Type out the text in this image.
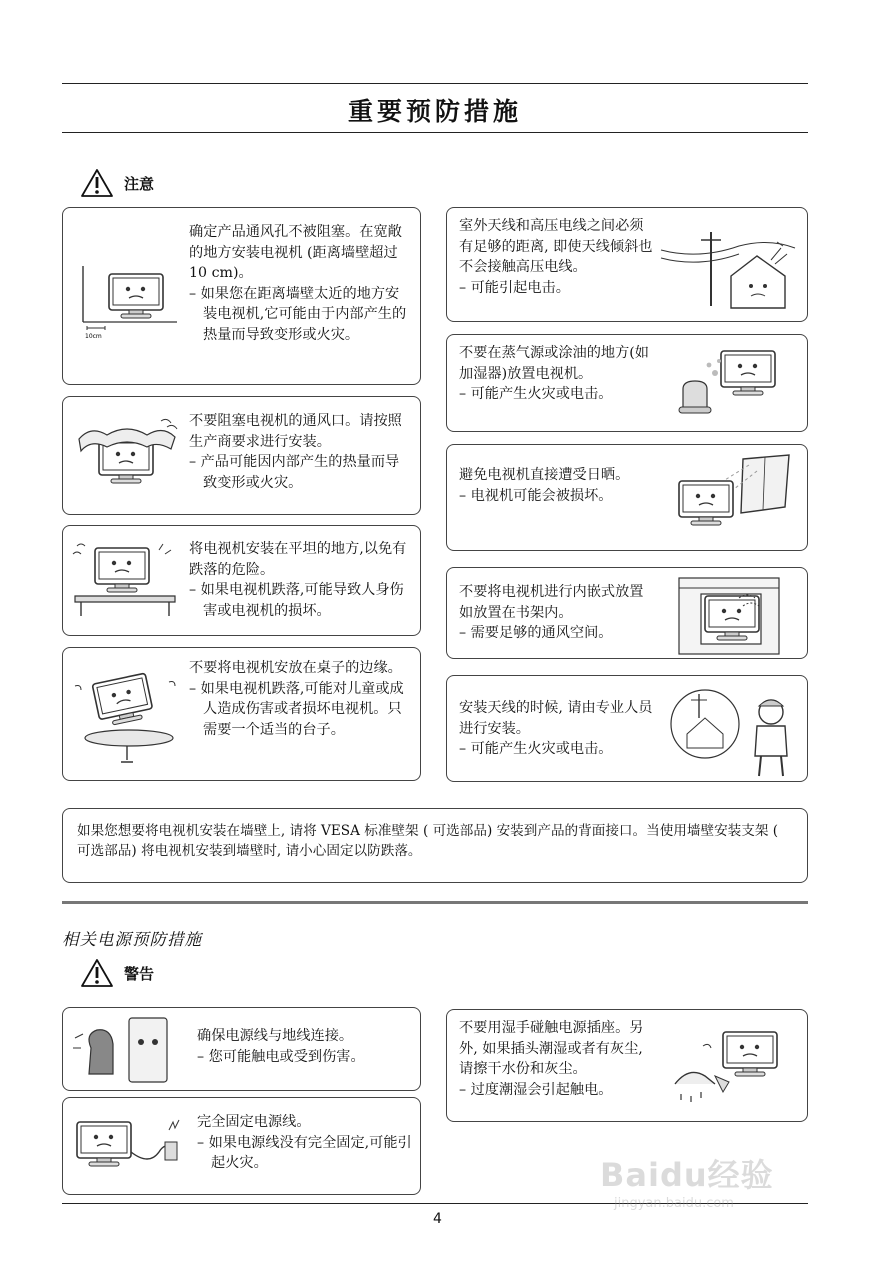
重要预防措施
注意
10cm
确定产品通风孔不被阻塞。在宽敞的地方安装电视机 (距离墙壁超过 10 cm)。
– 如果您在距离墙壁太近的地方安装电视机,它可能由于内部产生的热量而导致变形或火灾。
不要阻塞电视机的通风口。请按照生产商要求进行安装。
– 产品可能因内部产生的热量而导致变形或火灾。
将电视机安装在平坦的地方,以免有跌落的危险。
– 如果电视机跌落,可能导致人身伤害或电视机的损坏。
不要将电视机安放在桌子的边缘。
– 如果电视机跌落,可能对儿童或成人造成伤害或者损坏电视机。只需要一个适当的台子。
室外天线和高压电线之间必须有足够的距离, 即使天线倾斜也不会接触高压电线。
– 可能引起电击。
不要在蒸气源或涂油的地方(如加湿器)放置电视机。
– 可能产生火灾或电击。
避免电视机直接遭受日晒。
– 电视机可能会被损坏。
不要将电视机进行内嵌式放置如放置在书架内。
– 需要足够的通风空间。
安装天线的时候, 请由专业人员进行安装。
– 可能产生火灾或电击。
如果您想要将电视机安装在墙壁上, 请将 VESA 标准壁架 ( 可选部品) 安装到产品的背面接口。当使用墙壁安装支架 ( 可选部品) 将电视机安装到墙壁时, 请小心固定以防跌落。
相关电源预防措施
警告
确保电源线与地线连接。
– 您可能触电或受到伤害。
完全固定电源线。
– 如果电源线没有完全固定,可能引起火灾。
不要用湿手碰触电源插座。另外, 如果插头潮湿或者有灰尘, 请擦干水份和灰尘。
– 过度潮湿会引起触电。
4
Baidu经验
jingyan.baidu.com
